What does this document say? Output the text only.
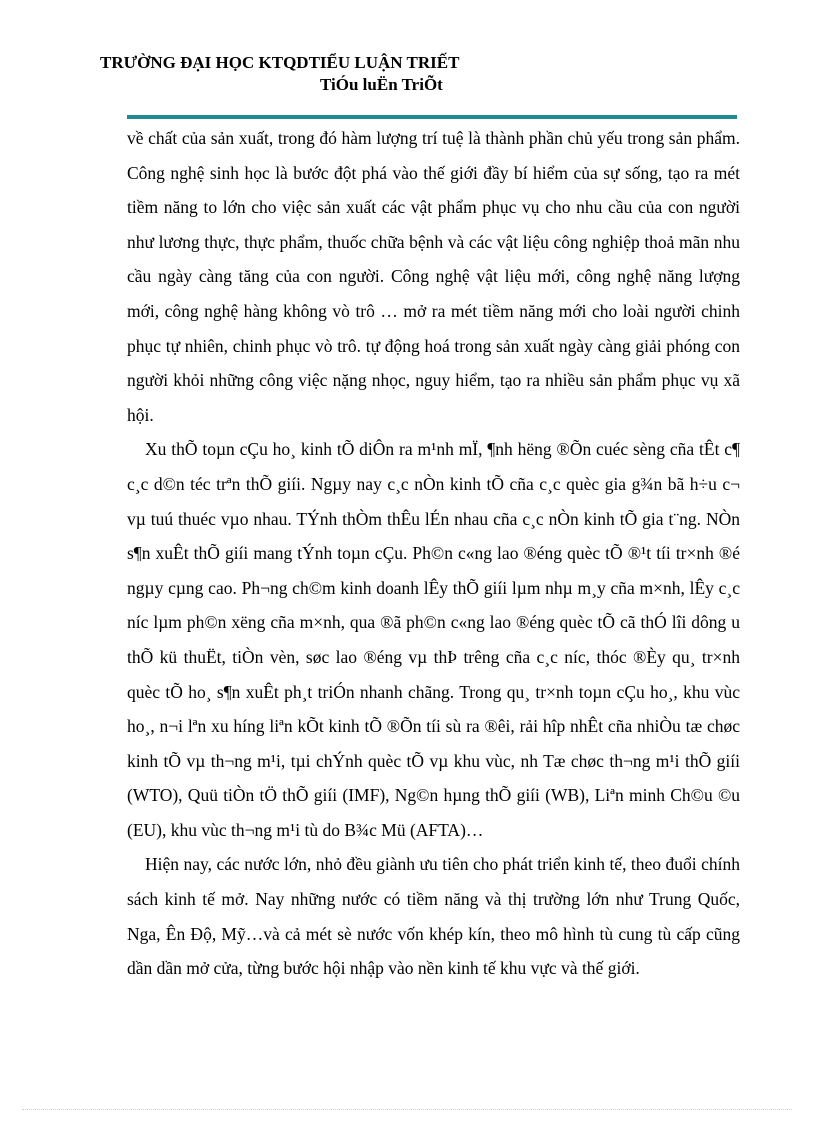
TRƯỜNG ĐẠI HỌC KTQDTIỂU LUẬN TRIẾT
TiÓu luËn TriÕt

về chất của sản xuất, trong đó hàm lượng trí tuệ là thành phần chủ yếu trong sản phẩm. Công nghệ sinh học là bước đột phá vào thế giới đầy bí hiểm của sự sống, tạo ra mét tiềm năng to lớn cho việc sản xuất các vật phẩm phục vụ cho nhu cầu của con người như lương thực, thực phẩm, thuốc chữa bệnh và các vật liệu công nghiệp thoả mãn nhu cầu ngày càng tăng của con người. Công nghệ vật liệu mới, công nghệ năng lượng mới, công nghệ hàng không vò trô … mở ra mét tiềm năng mới cho loài người chinh phục tự nhiên, chinh phục vò trô. tự động hoá trong sản xuất ngày càng giải phóng con người khỏi những công việc nặng nhọc, nguy hiểm, tạo ra nhiều sản phẩm phục vụ xã hội.

Xu thÕ toµn cÇu ho¸ kinh tÕ diÔn ra m¹nh mÏ, ¶nh hëng ®Õn cuéc sèng cña tÊt c¶ c¸c d©n téc trªn thÕ giíi. Ngµy nay c¸c nÒn kinh tÕ cña c¸c quèc gia g¾n bã h÷u c¬ vµ tuú thuéc vµo nhau. TÝnh thÒm thÊu lÉn nhau cña c¸c nÒn kinh tÕ gia t¨ng. NÒn s¶n xuÊt thÕ giíi mang tÝnh toµn cÇu. Ph©n c«ng lao ®éng quèc tÕ ®¹t tíi tr×nh ®é ngµy cµng cao. Ph¬ng ch©m kinh doanh lÊy thÕ giíi lµm nhµ m¸y cña m×nh, lÊy c¸c níc lµm ph©n xëng cña m×nh, qua ®ã ph©n c«ng lao ®éng quèc tÕ cã thÓ lîi dông u thÕ kü thuËt, tiÒn vèn, søc lao ®éng vµ thÞ trêng cña c¸c níc, thóc ®Èy qu¸ tr×nh quèc tÕ ho¸ s¶n xuÊt ph¸t triÓn nhanh chãng. Trong qu¸ tr×nh toµn cÇu ho¸, khu vùc ho¸, n¬i lªn xu híng liªn kÕt kinh tÕ ®Õn tíi sù ra ®êi, rải hîp nhÊt cña nhiÒu tæ chøc kinh tÕ vµ th¬ng m¹i, tµi chÝnh quèc tÕ vµ khu vùc, nh Tæ chøc th¬ng m¹i thÕ giíi (WTO), Quü tiÒn tÖ thÕ giíi (IMF), Ng©n hµng thÕ giíi (WB), Liªn minh Ch©u ©u (EU), khu vùc th¬ng m¹i tù do B¾c Mü (AFTA)…

Hiện nay, các nước lớn, nhỏ đều giành ưu tiên cho phát triển kinh tế, theo đuổi chính sách kinh tế mở. Nay những nước có tiềm năng và thị trường lớn như Trung Quốc, Nga, Ên Độ, Mỹ…và cả mét sè nước vốn khép kín, theo mô hình tù cung tù cấp cũng dần dần mở cửa, từng bước hội nhập vào nền kinh tế khu vực và thế giới.
